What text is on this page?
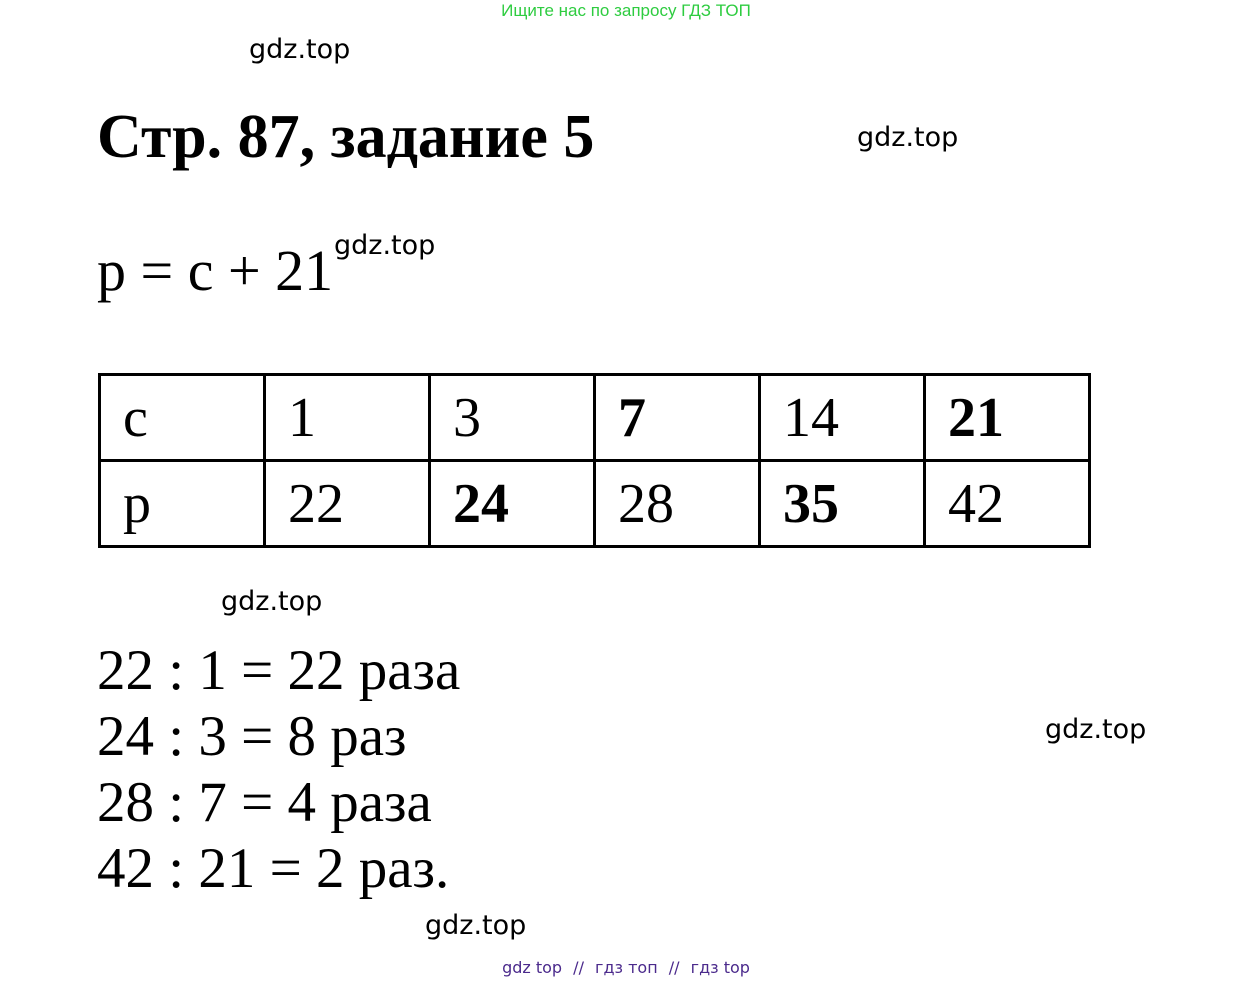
Ищите нас по запросу ГДЗ ТОП
gdz.top
gdz.top
gdz.top
gdz.top
gdz.top
gdz.top
Стр. 87, задание 5
p = c + 21
c	1	3	7	14	21
p	22	24	28	35	42
22 : 1 = 22 раза
24 : 3 = 8 раз
28 : 7 = 4 раза
42 : 21 = 2 раз.
gdz top // гдз топ // гдз top
